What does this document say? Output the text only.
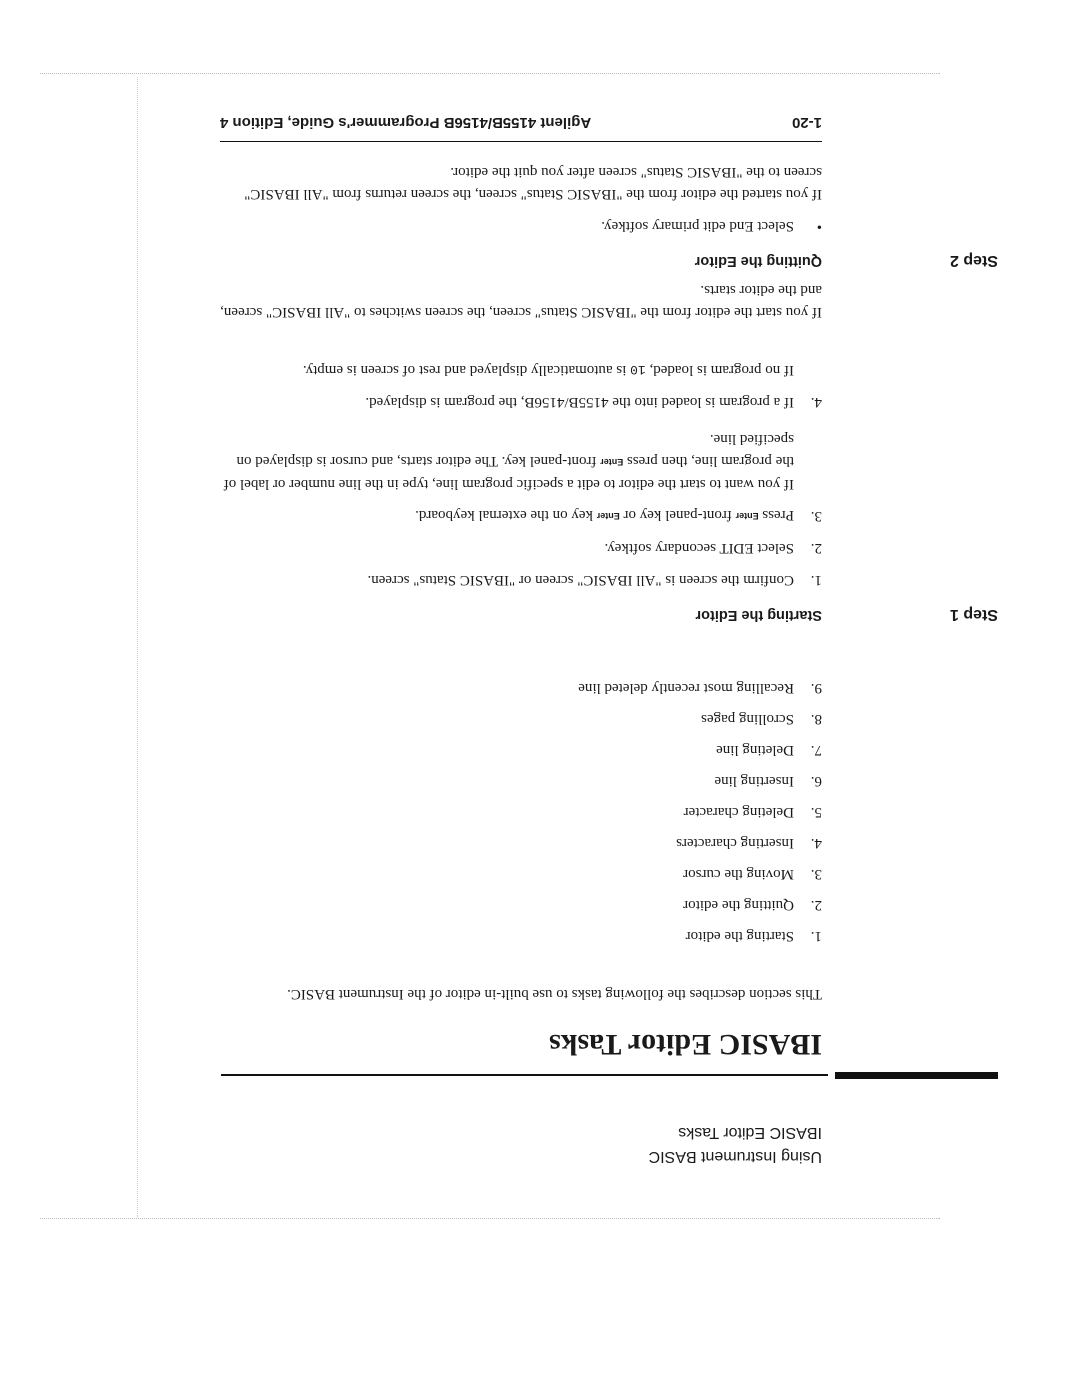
Using Instrument BASIC
IBASIC Editor Tasks
IBASIC Editor Tasks
This section describes the following tasks to use built-in editor of the Instrument BASIC.
1.
Starting the editor
2.
Quitting the editor
3.
Moving the cursor
4.
Inserting characters
5.
Deleting character
6.
Inserting line
7.
Deleting line
8.
Scrolling pages
9.
Recalling most recently deleted line
Step 1
Starting the Editor
1.
Confirm the screen is "All IBASIC" screen or "IBASIC Status" screen.
2.
Select EDIT secondary softkey.
3.
Press Enter front-panel key or Enter key on the external keyboard.
If you want to start the editor to edit a specific program line, type in the line number or label of the program line, then press Enter front-panel key. The editor starts, and cursor is displayed on specified line.
4.
If a program is loaded into the 4155B/4156B, the program is displayed.
If no program is loaded, 10 is automatically displayed and rest of screen is empty.
If you start the editor from the "IBASIC Status" screen, the screen switches to "All IBASIC" screen, and the editor starts.
Step 2
Quitting the Editor
•
Select End edit primary softkey.
If you started the editor from the "IBASIC Status" screen, the screen returns from "All IBASIC" screen to the "IBASIC Status" screen after you quit the editor.
1-20
Agilent 4155B/4156B Programmer's Guide, Edition 4
